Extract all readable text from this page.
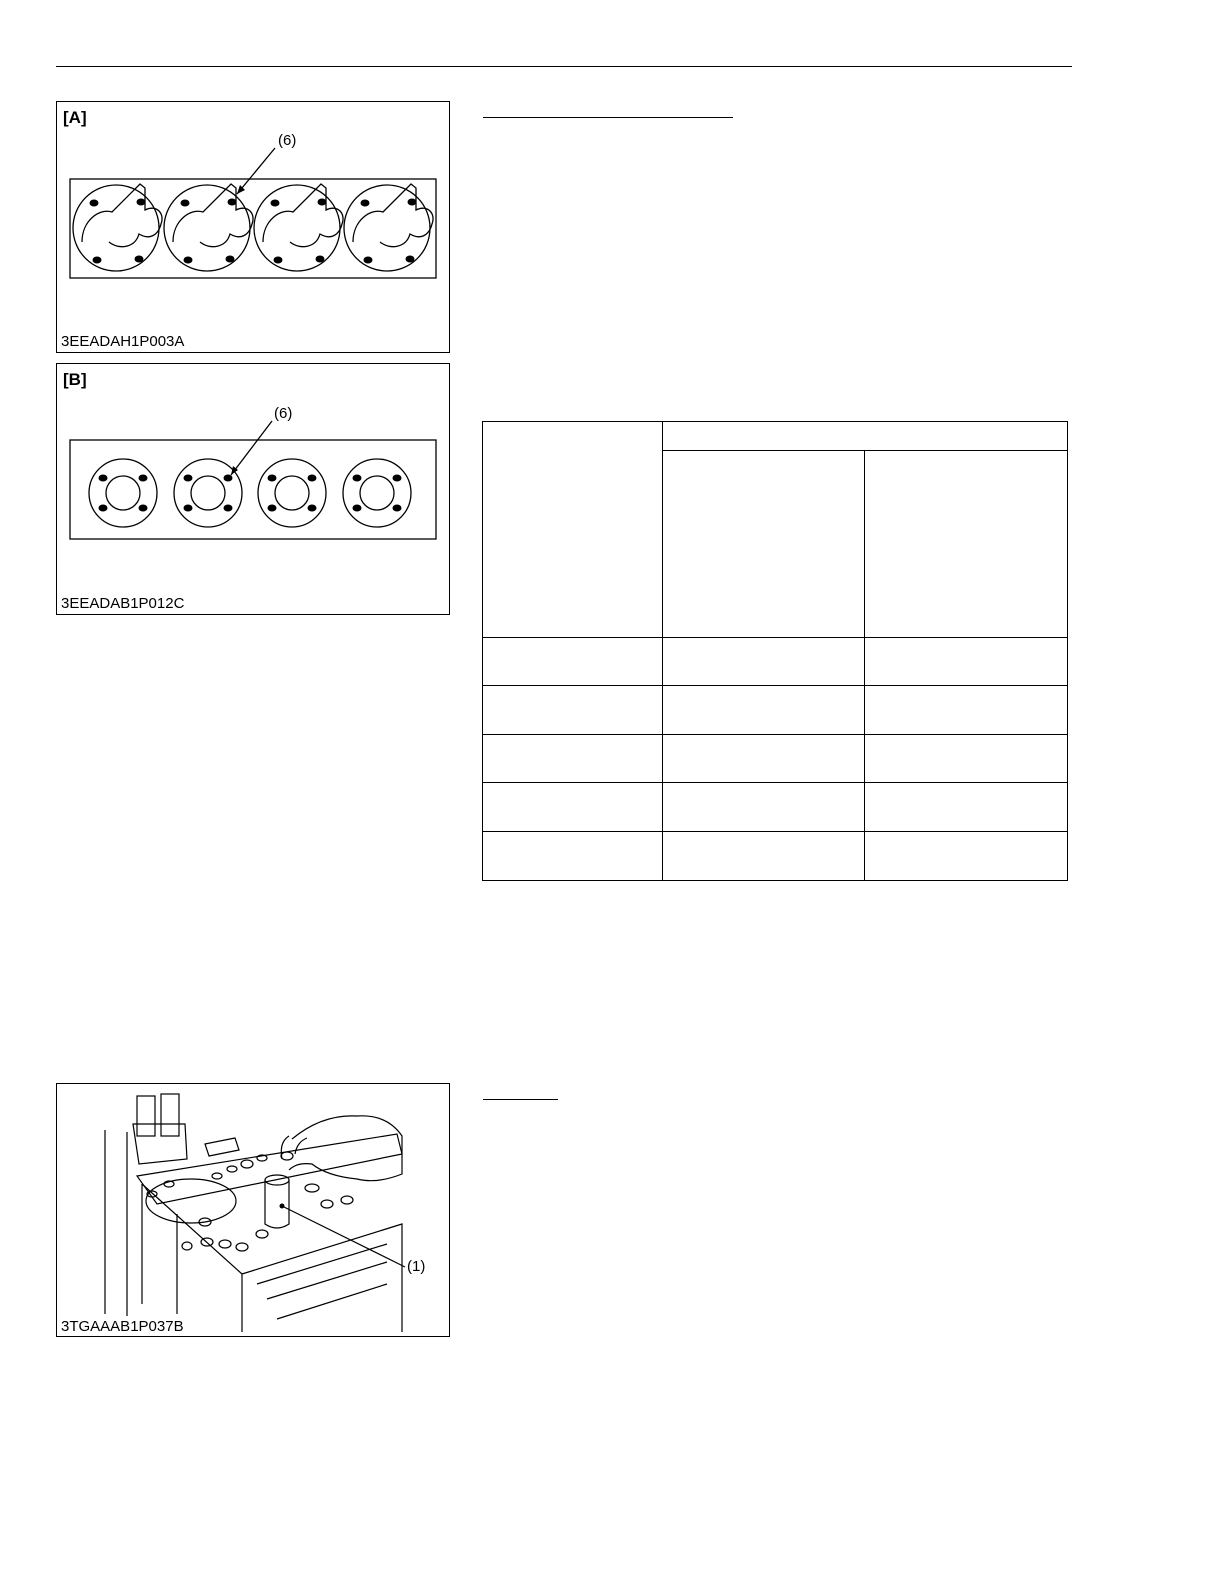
[A]
(6)
3EEADAH1P003A
[B]
(6)
3EEADAB1P012C
(1)
3TGAAAB1P037B
